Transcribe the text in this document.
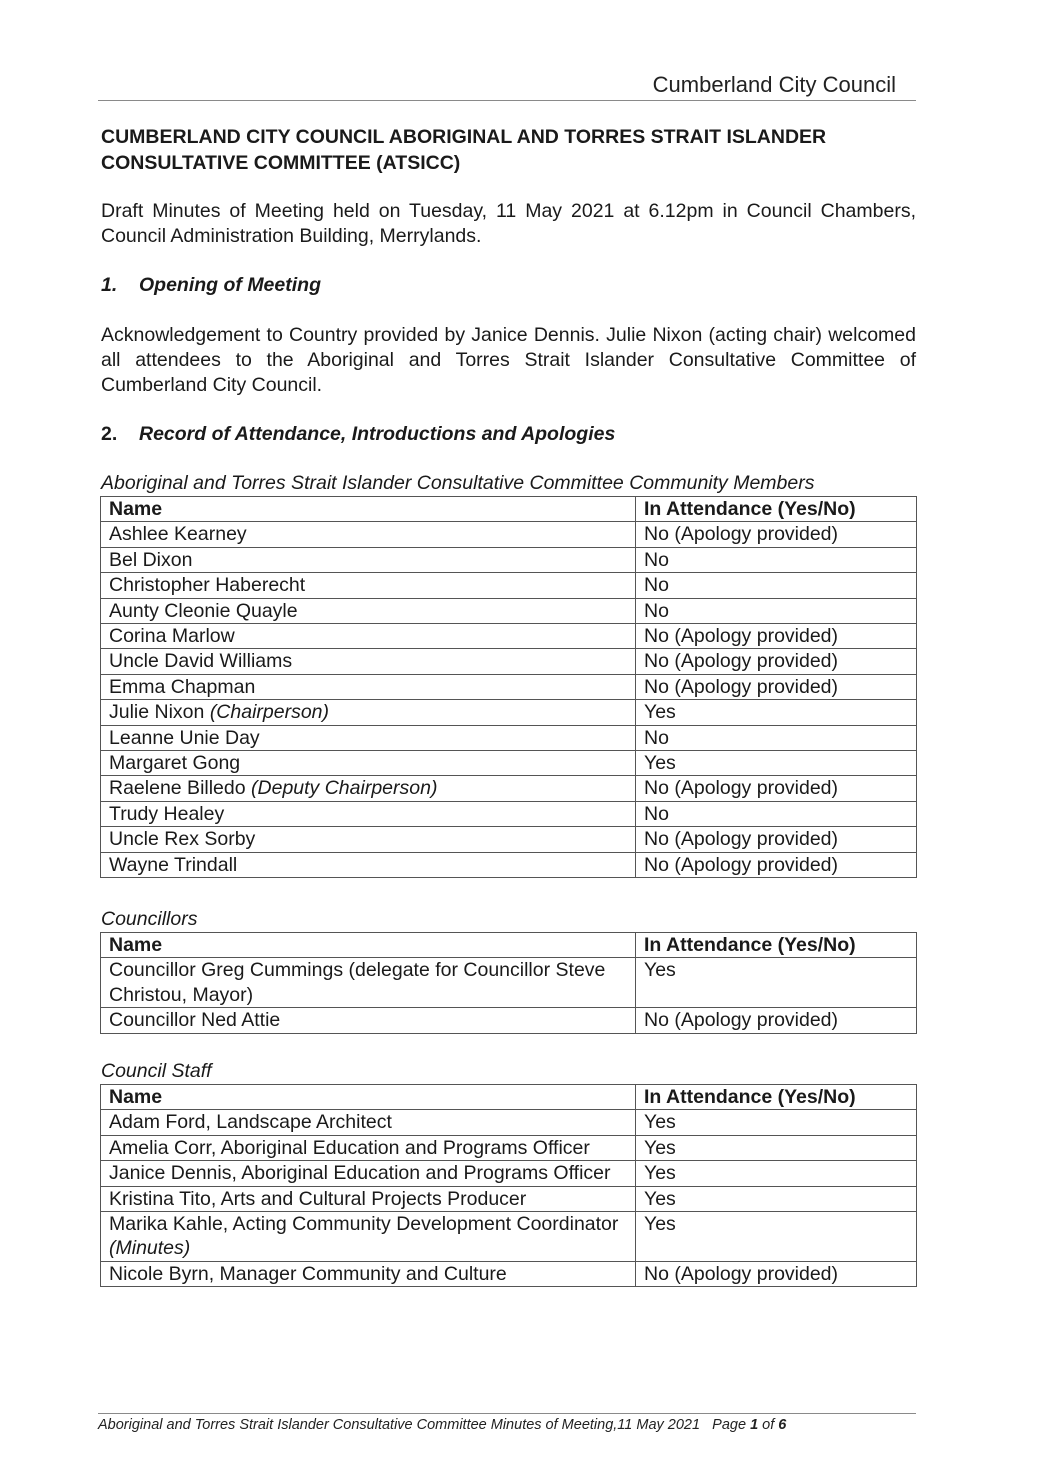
Cumberland City Council
CUMBERLAND CITY COUNCIL ABORIGINAL AND TORRES STRAIT ISLANDER CONSULTATIVE COMMITTEE (ATSICC)
Draft Minutes of Meeting held on Tuesday, 11 May 2021 at 6.12pm in Council Chambers, Council Administration Building, Merrylands.
1. Opening of Meeting
Acknowledgement to Country provided by Janice Dennis. Julie Nixon (acting chair) welcomed all attendees to the Aboriginal and Torres Strait Islander Consultative Committee of Cumberland City Council.
2. Record of Attendance, Introductions and Apologies
Aboriginal and Torres Strait Islander Consultative Committee Community Members
Name	In Attendance (Yes/No)
Ashlee Kearney	No (Apology provided)
Bel Dixon	No
Christopher Haberecht	No
Aunty Cleonie Quayle	No
Corina Marlow	No (Apology provided)
Uncle David Williams	No (Apology provided)
Emma Chapman	No (Apology provided)
Julie Nixon (Chairperson)	Yes
Leanne Unie Day	No
Margaret Gong	Yes
Raelene Billedo (Deputy Chairperson)	No (Apology provided)
Trudy Healey	No
Uncle Rex Sorby	No (Apology provided)
Wayne Trindall	No (Apology provided)
Councillors
Name	In Attendance (Yes/No)
Councillor Greg Cummings (delegate for Councillor Steve Christou, Mayor)	Yes
Councillor Ned Attie	No (Apology provided)
Council Staff
Name	In Attendance (Yes/No)
Adam Ford, Landscape Architect	Yes
Amelia Corr, Aboriginal Education and Programs Officer	Yes
Janice Dennis, Aboriginal Education and Programs Officer	Yes
Kristina Tito, Arts and Cultural Projects Producer	Yes
Marika Kahle, Acting Community Development Coordinator (Minutes)	Yes
Nicole Byrn, Manager Community and Culture	No (Apology provided)
Aboriginal and Torres Strait Islander Consultative Committee Minutes of Meeting,11 May 2021 Page 1 of 6
